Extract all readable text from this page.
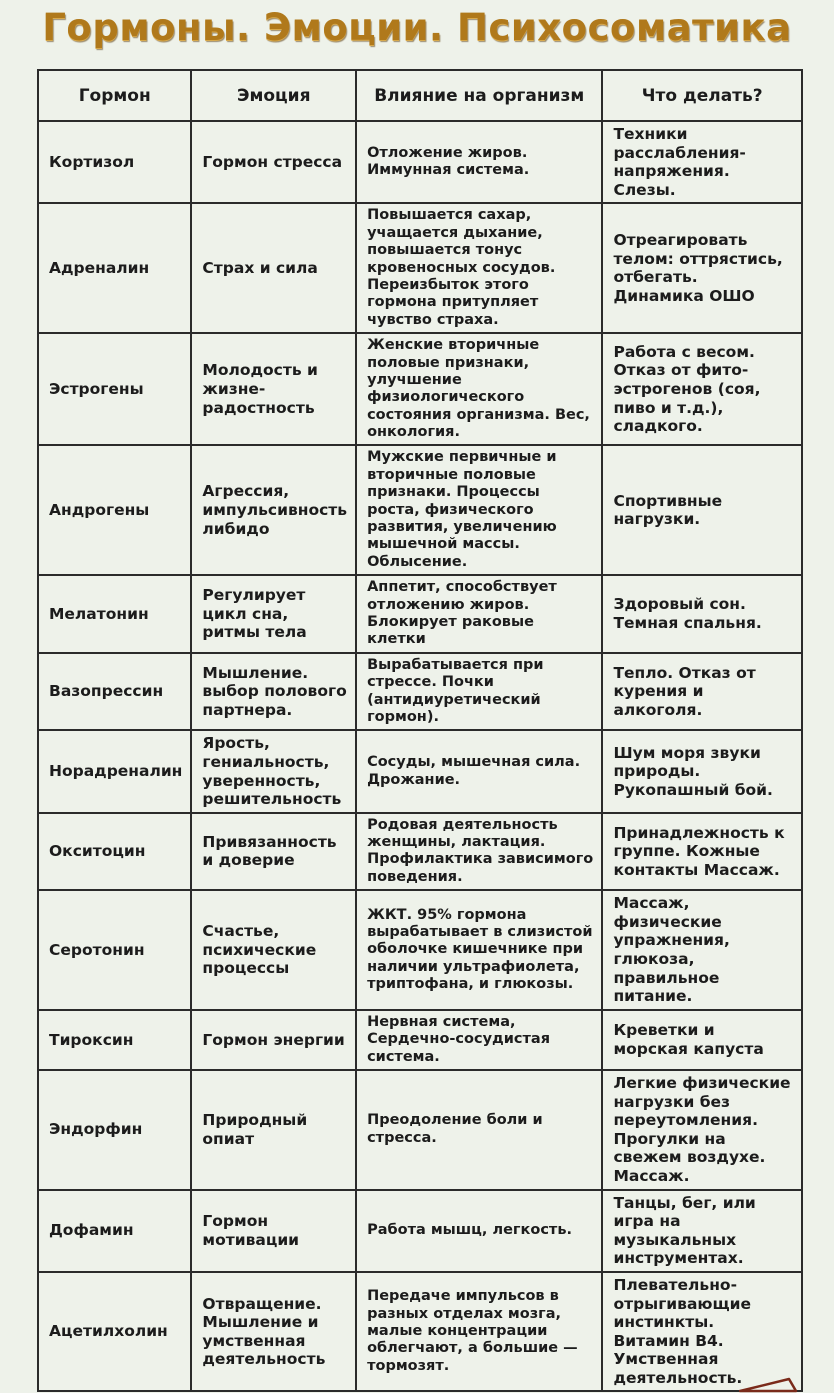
Гормоны. Эмоции. Психосоматика
Гормон	Эмоция	Влияние на организм	Что делать?
Кортизол	Гормон стресса	Отложение жиров. Иммунная система.	Техники расслабления-напряжения. Слезы.
Адреналин	Страх и сила	Повышается сахар, учащается дыхание, повышается тонус кровеносных сосудов. Переизбыток этого гормона притупляет чувство страха.	Отреагировать телом: оттрястись, отбегать. Динамика ОШО
Эстрогены	Молодость и жизне-радостность	Женские вторичные половые признаки, улучшение физиологического состояния организма. Вес, онкология.	Работа с весом. Отказ от фито-эстрогенов (соя, пиво и т.д.), сладкого.
Андрогены	Агрессия, импульсивность либидо	Мужские первичные и вторичные половые признаки. Процессы роста, физического развития, увеличению мышечной массы. Облысение.	Спортивные нагрузки.
Мелатонин	Регулирует цикл сна, ритмы тела	Аппетит, способствует отложению жиров. Блокирует раковые клетки	Здоровый сон. Темная спальня.
Вазопрессин	Мышление. выбор полового партнера.	Вырабатывается при стрессе. Почки (антидиуретический гормон).	Тепло. Отказ от курения и алкоголя.
Норадреналин	Ярость, гениальность, уверенность, решительность	Сосуды, мышечная сила. Дрожание.	Шум моря звуки природы. Рукопашный бой.
Окситоцин	Привязанность и доверие	Родовая деятельность женщины, лактация. Профилактика зависимого поведения.	Принадлежность к группе. Кожные контакты Массаж.
Серотонин	Счастье, психические процессы	ЖКТ. 95% гормона вырабатывает в слизистой оболочке кишечнике при наличии ультрафиолета, триптофана, и глюкозы.	Массаж, физические упражнения, глюкоза, правильное питание.
Тироксин	Гормон энергии	Нервная система, Сердечно-сосудистая система.	Креветки и морская капуста
Эндорфин	Природный опиат	Преодоление боли и стресса.	Легкие физические нагрузки без переутомления. Прогулки на свежем воздухе. Массаж.
Дофамин	Гормон мотивации	Работа мышц, легкость.	Танцы, бег, или игра на музыкальных инструментах.
Ацетилхолин	Отвращение. Мышление и умственная деятельность	Передаче импульсов в разных отделах мозга, малые концентрации облегчают, а большие — тормозят.	Плевательно-отрыгивающие инстинкты. Витамин В4. Умственная деятельность.
